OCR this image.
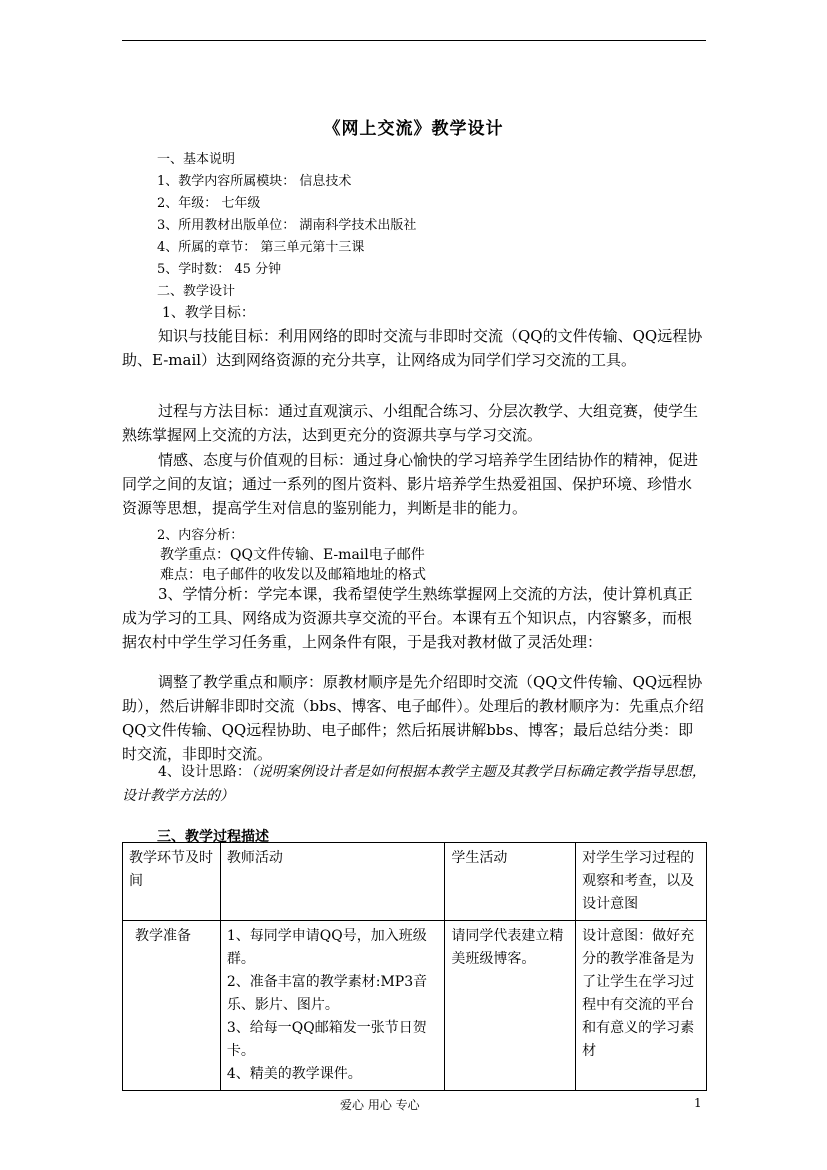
《网上交流》教学设计
一、基本说明
1、教学内容所属模块： 信息技术
2、年级： 七年级
3、所用教材出版单位： 湖南科学技术出版社
4、所属的章节： 第三单元第十三课
5、学时数： 45 分钟
二、教学设计
1、教学目标：
知识与技能目标：利用网络的即时交流与非即时交流（QQ的文件传输、QQ远程协助、E-mail）达到网络资源的充分共享，让网络成为同学们学习交流的工具。
过程与方法目标：通过直观演示、小组配合练习、分层次教学、大组竞赛，使学生熟练掌握网上交流的方法，达到更充分的资源共享与学习交流。
情感、态度与价值观的目标：通过身心愉快的学习培养学生团结协作的精神，促进同学之间的友谊；通过一系列的图片资料、影片培养学生热爱祖国、保护环境、珍惜水资源等思想，提高学生对信息的鉴别能力，判断是非的能力。
2、内容分析：
教学重点：QQ文件传输、E-mail电子邮件
难点：电子邮件的收发以及邮箱地址的格式
3、学情分析：学完本课，我希望使学生熟练掌握网上交流的方法，使计算机真正成为学习的工具、网络成为资源共享交流的平台。本课有五个知识点，内容繁多，而根据农村中学生学习任务重，上网条件有限，于是我对教材做了灵活处理：
调整了教学重点和顺序：原教材顺序是先介绍即时交流（QQ文件传输、QQ远程协助），然后讲解非即时交流（bbs、博客、电子邮件）。处理后的教材顺序为：先重点介绍QQ文件传输、QQ远程协助、电子邮件；然后拓展讲解bbs、博客；最后总结分类：即时交流，非即时交流。
4、设计思路：（说明案例设计者是如何根据本教学主题及其教学目标确定教学指导思想，设计教学方法的）
三、教学过程描述
教学环节及时间	教师活动	学生活动	对学生学习过程的观察和考查，以及设计意图
教学准备	1、每同学申请QQ号，加入班级群。
2、准备丰富的教学素材:MP3音乐、影片、图片。
3、给每一QQ邮箱发一张节日贺卡。
4、精美的教学课件。	请同学代表建立精美班级博客。	设计意图：做好充分的教学准备是为了让学生在学习过程中有交流的平台和有意义的学习素材
爱心 用心 专心	1
